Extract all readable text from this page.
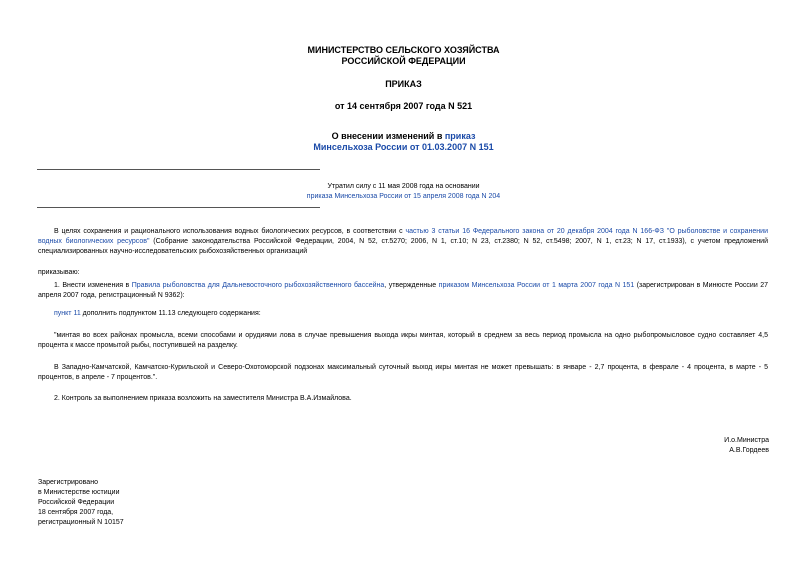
МИНИСТЕРСТВО СЕЛЬСКОГО ХОЗЯЙСТВА
РОССИЙСКОЙ ФЕДЕРАЦИИ
ПРИКАЗ
от 14 сентября 2007 года N 521
О внесении изменений в приказ
Минсельхоза России от 01.03.2007 N 151
Утратил силу с 11 мая 2008 года на основании
приказа Минсельхоза России от 15 апреля 2008 года N 204
В целях сохранения и рационального использования водных биологических ресурсов, в соответствии с частью 3 статьи 16 Федерального закона от 20 декабря 2004 года N 166-ФЗ "О рыболовстве и сохранении водных биологических ресурсов" (Собрание законодательства Российской Федерации, 2004, N 52, ст.5270; 2006, N 1, ст.10; N 23, ст.2380; N 52, ст.5498; 2007, N 1, ст.23; N 17, ст.1933), с учетом предложений специализированных научно-исследовательских рыбохозяйственных организаций
приказываю:
1. Внести изменения в Правила рыболовства для Дальневосточного рыбохозяйственного бассейна, утвержденные приказом Минсельхоза России от 1 марта 2007 года N 151 (зарегистрирован в Минюсте России 27 апреля 2007 года, регистрационный N 9362):
пункт 11 дополнить подпунктом 11.13 следующего содержания:
"минтая во всех районах промысла, всеми способами и орудиями лова в случае превышения выхода икры минтая, который в среднем за весь период промысла на одно рыбопромысловое судно составляет 4,5 процента к массе промытой рыбы, поступившей на разделку.
В Западно-Камчатской, Камчатско-Курильской и Северо-Охотоморской подзонах максимальный суточный выход икры минтая не может превышать: в январе - 2,7 процента, в феврале - 4 процента, в марте - 5 процентов, в апреле - 7 процентов.".
2. Контроль за выполнением приказа возложить на заместителя Министра В.А.Измайлова.
И.о.Министра
А.В.Гордеев
Зарегистрировано
в Министерстве юстиции
Российской Федерации
18 сентября 2007 года,
регистрационный N 10157
